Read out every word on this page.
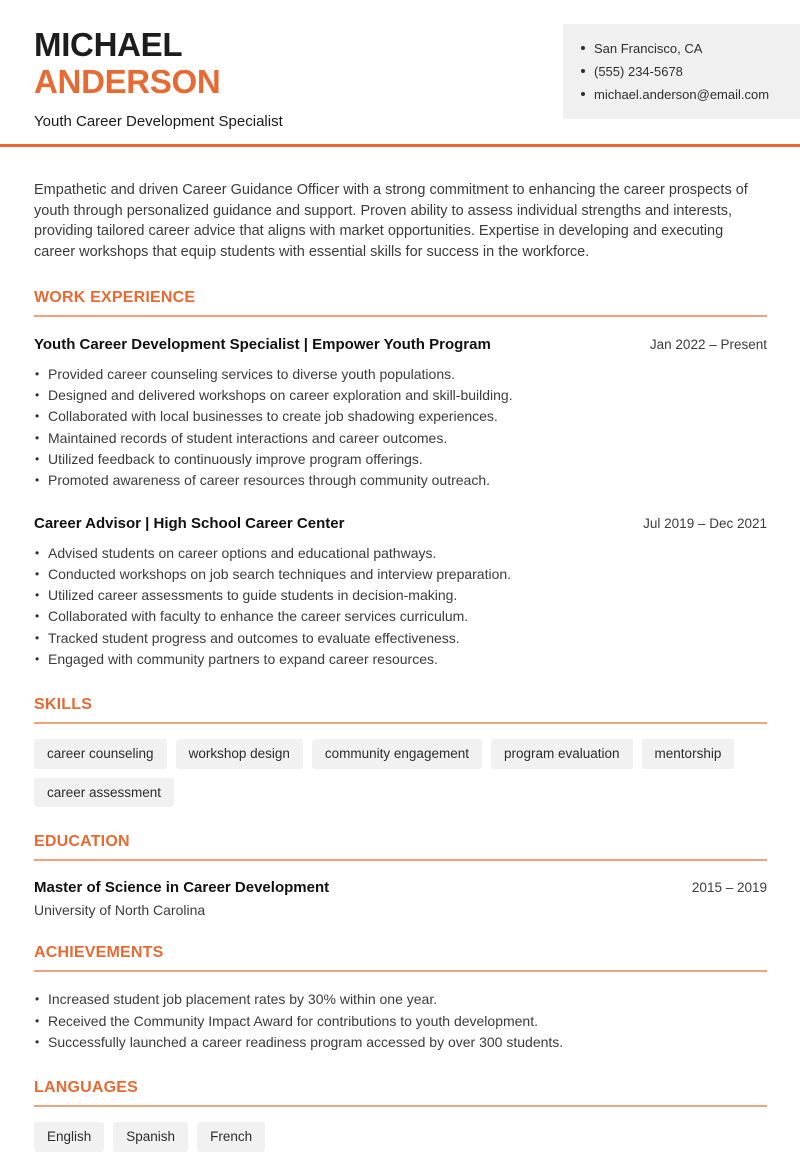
MICHAEL
ANDERSON
Youth Career Development Specialist
San Francisco, CA
(555) 234-5678
michael.anderson@email.com

Empathetic and driven Career Guidance Officer with a strong commitment to enhancing the career prospects of youth through personalized guidance and support. Proven ability to assess individual strengths and interests, providing tailored career advice that aligns with market opportunities. Expertise in developing and executing career workshops that equip students with essential skills for success in the workforce.

WORK EXPERIENCE
Youth Career Development Specialist | Empower Youth Program	Jan 2022 – Present
• Provided career counseling services to diverse youth populations.
• Designed and delivered workshops on career exploration and skill-building.
• Collaborated with local businesses to create job shadowing experiences.
• Maintained records of student interactions and career outcomes.
• Utilized feedback to continuously improve program offerings.
• Promoted awareness of career resources through community outreach.
Career Advisor | High School Career Center	Jul 2019 – Dec 2021
• Advised students on career options and educational pathways.
• Conducted workshops on job search techniques and interview preparation.
• Utilized career assessments to guide students in decision-making.
• Collaborated with faculty to enhance the career services curriculum.
• Tracked student progress and outcomes to evaluate effectiveness.
• Engaged with community partners to expand career resources.
SKILLS
career counseling	workshop design	community engagement	program evaluation	mentorship
career assessment
EDUCATION
Master of Science in Career Development	2015 – 2019
University of North Carolina
ACHIEVEMENTS
• Increased student job placement rates by 30% within one year.
• Received the Community Impact Award for contributions to youth development.
• Successfully launched a career readiness program accessed by over 300 students.
LANGUAGES
English	Spanish	French
